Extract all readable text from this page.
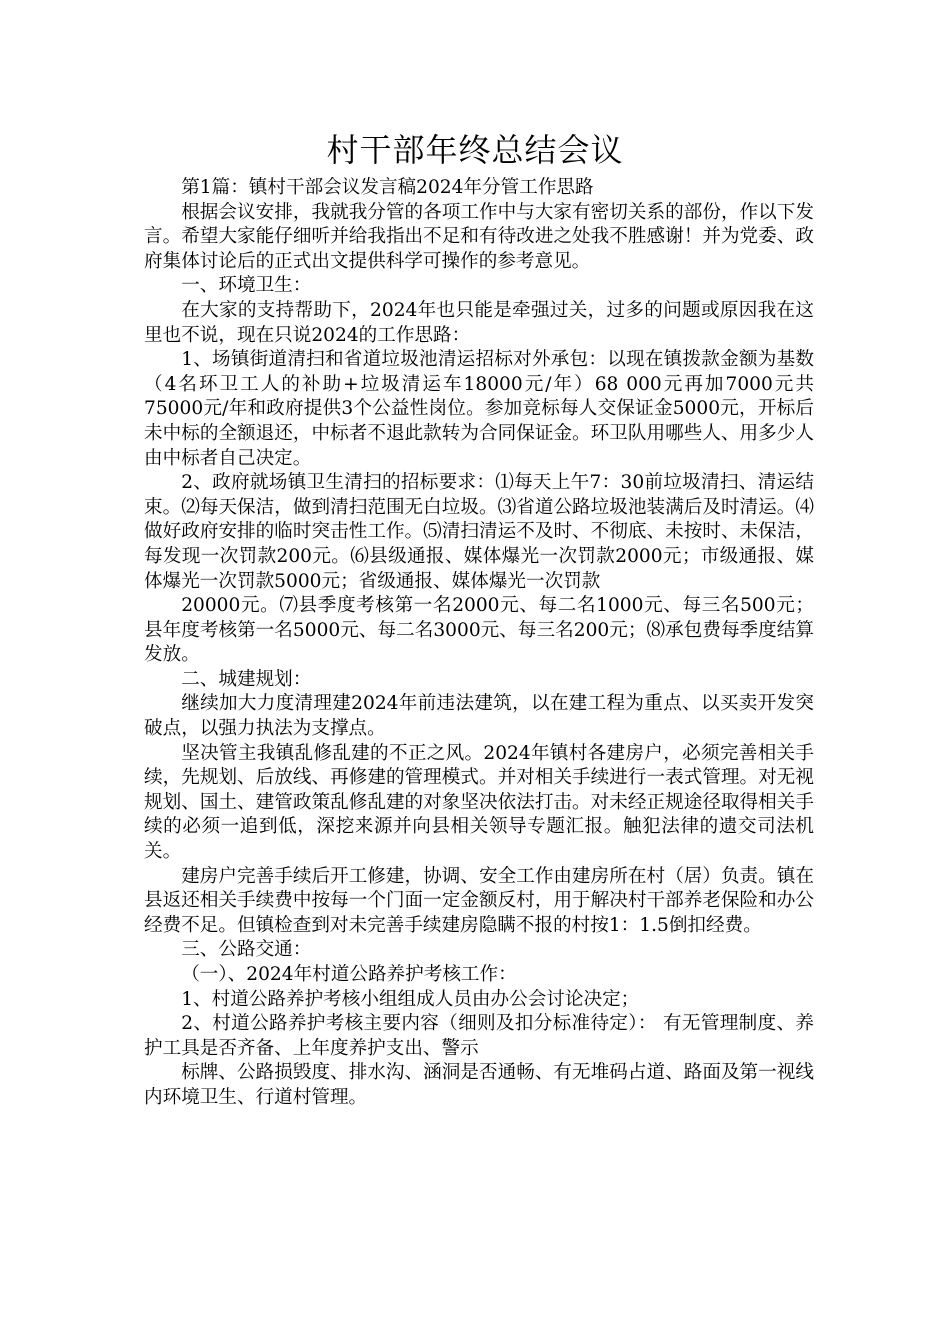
村干部年终总结会议

第1篇：镇村干部会议发言稿2024年分管工作思路

根据会议安排，我就我分管的各项工作中与大家有密切关系的部份，作以下发言。希望大家能仔细听并给我指出不足和有待改进之处我不胜感谢！并为党委、政府集体讨论后的正式出文提供科学可操作的参考意见。

一、环境卫生：

在大家的支持帮助下，2024年也只能是牵强过关，过多的问题或原因我在这里也不说，现在只说2024的工作思路：

1、场镇街道清扫和省道垃圾池清运招标对外承包：以现在镇拨款金额为基数（4名环卫工人的补助+垃圾清运车18000元/年）68 000元再加7000元共75000元/年和政府提供3个公益性岗位。参加竞标每人交保证金5000元，开标后未中标的全额退还，中标者不退此款转为合同保证金。环卫队用哪些人、用多少人由中标者自己决定。

2、政府就场镇卫生清扫的招标要求：⑴每天上午7：30前垃圾清扫、清运结束。⑵每天保洁，做到清扫范围无白垃圾。⑶省道公路垃圾池装满后及时清运。⑷做好政府安排的临时突击性工作。⑸清扫清运不及时、不彻底、未按时、未保洁，每发现一次罚款200元。⑹县级通报、媒体爆光一次罚款2000元；市级通报、媒体爆光一次罚款5000元；省级通报、媒体爆光一次罚款

20000元。⑺县季度考核第一名2000元、每二名1000元、每三名500元；县年度考核第一名5000元、每二名3000元、每三名200元；⑻承包费每季度结算发放。

二、城建规划：

继续加大力度清理建2024年前违法建筑，以在建工程为重点、以买卖开发突破点，以强力执法为支撑点。

坚决管主我镇乱修乱建的不正之风。2024年镇村各建房户，必须完善相关手续，先规划、后放线、再修建的管理模式。并对相关手续进行一表式管理。对无视规划、国土、建管政策乱修乱建的对象坚决依法打击。对未经正规途径取得相关手续的必须一追到低，深挖来源并向县相关领导专题汇报。触犯法律的遗交司法机关。

建房户完善手续后开工修建，协调、安全工作由建房所在村（居）负责。镇在县返还相关手续费中按每一个门面一定金额反村，用于解决村干部养老保险和办公经费不足。但镇检查到对未完善手续建房隐瞒不报的村按1：1.5倒扣经费。

三、公路交通：

（一）、2024年村道公路养护考核工作：

1、村道公路养护考核小组组成人员由办公会讨论决定；

2、村道公路养护考核主要内容（细则及扣分标准待定）： 有无管理制度、养护工具是否齐备、上年度养护支出、警示

标牌、公路损毁度、排水沟、涵洞是否通畅、有无堆码占道、路面及第一视线内环境卫生、行道村管理。
